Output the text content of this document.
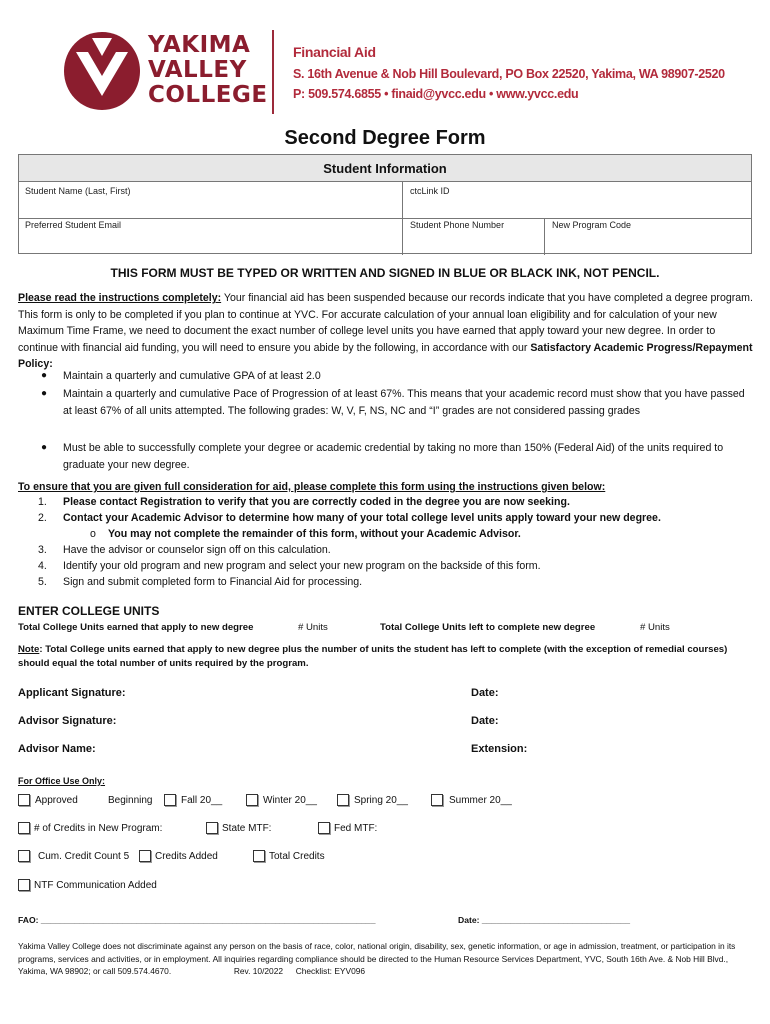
YAKIMA
VALLEY
COLLEGE
Financial Aid
S. 16th Avenue & Nob Hill Boulevard, PO Box 22520, Yakima, WA 98907-2520
P: 509.574.6855 • finaid@yvcc.edu • www.yvcc.edu
Second Degree Form
Student Information
Student Name (Last, First)	ctcLink ID
Preferred Student Email	Student Phone Number	New Program Code
THIS FORM MUST BE TYPED OR WRITTEN AND SIGNED IN BLUE OR BLACK INK, NOT PENCIL.
Please read the instructions completely: Your financial aid has been suspended because our records indicate that you have completed a degree program. This form is only to be completed if you plan to continue at YVC. For accurate calculation of your annual loan eligibility and for calculation of your new Maximum Time Frame, we need to document the exact number of college level units you have earned that apply toward your new degree. In order to continue with financial aid funding, you will need to ensure you abide by the following, in accordance with our Satisfactory Academic Progress/Repayment Policy:
● Maintain a quarterly and cumulative GPA of at least 2.0
● Maintain a quarterly and cumulative Pace of Progression of at least 67%. This means that your academic record must show that you have passed at least 67% of all units attempted. The following grades: W, V, F, NS, NC and “I” grades are not considered passing grades
● Must be able to successfully complete your degree or academic credential by taking no more than 150% (Federal Aid) of the units required to graduate your new degree.
To ensure that you are given full consideration for aid, please complete this form using the instructions given below:
1. Please contact Registration to verify that you are correctly coded in the degree you are now seeking.
2. Contact your Academic Advisor to determine how many of your total college level units apply toward your new degree.
o You may not complete the remainder of this form, without your Academic Advisor.
3. Have the advisor or counselor sign off on this calculation.
4. Identify your old program and new program and select your new program on the backside of this form.
5. Sign and submit completed form to Financial Aid for processing.
ENTER COLLEGE UNITS
Total College Units earned that apply to new degree	# Units	Total College Units left to complete new degree	# Units
Note: Total College units earned that apply to new degree plus the number of units the student has left to complete (with the exception of remedial courses) should equal the total number of units required by the program.
Applicant Signature:	Date:
Advisor Signature:	Date:
Advisor Name:	Extension:
For Office Use Only:
Approved	Beginning	Fall 20__	Winter 20__	Spring 20__	Summer 20__
# of Credits in New Program:	State MTF:	Fed MTF:
Cum. Credit Count 5	Credits Added	Total Credits
NTF Communication Added
FAO: ______________________________________________________________________	Date: _______________________________
Yakima Valley College does not discriminate against any person on the basis of race, color, national origin, disability, sex, genetic information, or age in admission, treatment, or participation in its programs, services and activities, or in employment. All inquiries regarding compliance should be directed to the Human Resource Services Department, YVC, South 16th Ave. & Nob Hill Blvd., Yakima, WA 98902; or call 509.574.4670.	Rev. 10/2022 Checklist: EYV096
